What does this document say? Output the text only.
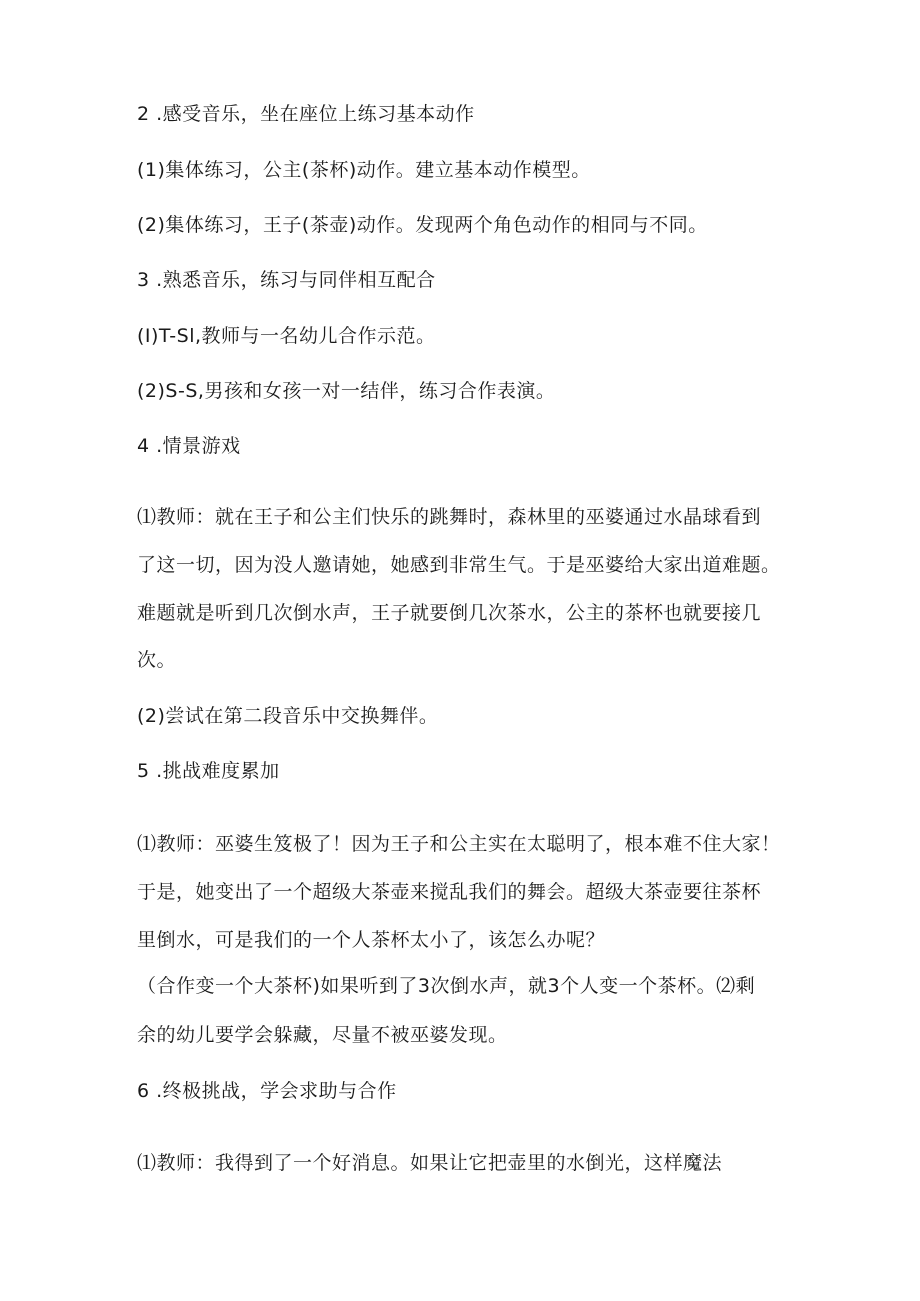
2 .感受音乐，坐在座位上练习基本动作
(1)集体练习，公主(茶杯)动作。建立基本动作模型。
(2)集体练习，王子(茶壶)动作。发现两个角色动作的相同与不同。
3 .熟悉音乐，练习与同伴相互配合
(I)T-Sl,教师与一名幼儿合作示范。
(2)S-S,男孩和女孩一对一结伴，练习合作表演。
4 .情景游戏
⑴教师：就在王子和公主们快乐的跳舞时，森林里的巫婆通过水晶球看到
了这一切，因为没人邀请她，她感到非常生气。于是巫婆给大家出道难题。
难题就是听到几次倒水声，王子就要倒几次茶水，公主的茶杯也就要接几
次。
(2)尝试在第二段音乐中交换舞伴。
5 .挑战难度累加
⑴教师：巫婆生笈极了！因为王子和公主实在太聪明了，根本难不住大家！
于是，她变出了一个超级大茶壶来搅乱我们的舞会。超级大茶壶要往茶杯
里倒水，可是我们的一个人茶杯太小了，该怎么办呢？
（合作变一个大茶杯)如果听到了3次倒水声，就3个人变一个茶杯。⑵剩
余的幼儿要学会躲藏，尽量不被巫婆发现。
6 .终极挑战，学会求助与合作
⑴教师：我得到了一个好消息。如果让它把壶里的水倒光，这样魔法
